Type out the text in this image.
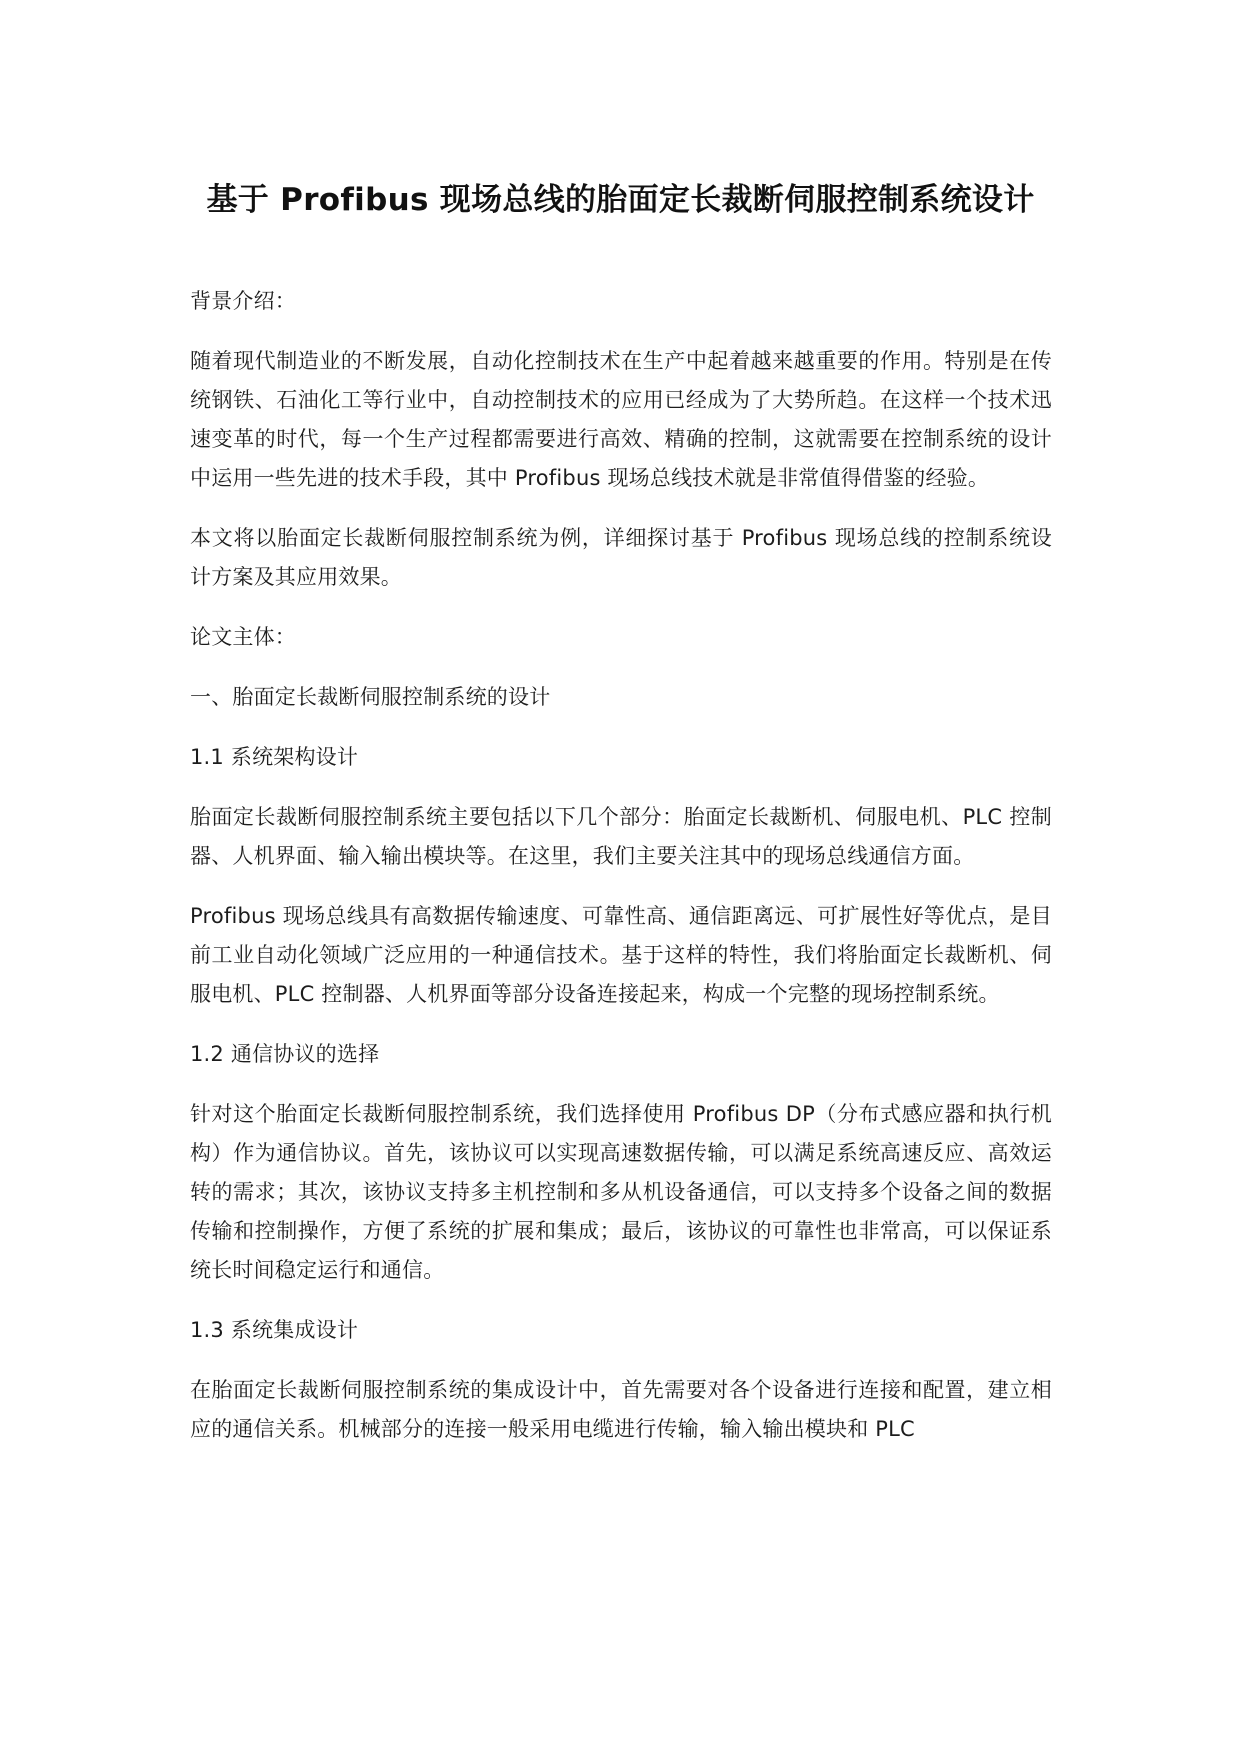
基于 Profibus 现场总线的胎面定长裁断伺服控制系统设计

背景介绍：

随着现代制造业的不断发展，自动化控制技术在生产中起着越来越重要的作用。特别是在传统钢铁、石油化工等行业中，自动控制技术的应用已经成为了大势所趋。在这样一个技术迅速变革的时代，每一个生产过程都需要进行高效、精确的控制，这就需要在控制系统的设计中运用一些先进的技术手段，其中 Profibus 现场总线技术就是非常值得借鉴的经验。

本文将以胎面定长裁断伺服控制系统为例，详细探讨基于 Profibus 现场总线的控制系统设计方案及其应用效果。

论文主体：

一、胎面定长裁断伺服控制系统的设计

1.1 系统架构设计

胎面定长裁断伺服控制系统主要包括以下几个部分：胎面定长裁断机、伺服电机、PLC 控制器、人机界面、输入输出模块等。在这里，我们主要关注其中的现场总线通信方面。

Profibus 现场总线具有高数据传输速度、可靠性高、通信距离远、可扩展性好等优点，是目前工业自动化领域广泛应用的一种通信技术。基于这样的特性，我们将胎面定长裁断机、伺服电机、PLC 控制器、人机界面等部分设备连接起来，构成一个完整的现场控制系统。

1.2 通信协议的选择

针对这个胎面定长裁断伺服控制系统，我们选择使用 Profibus DP（分布式感应器和执行机构）作为通信协议。首先，该协议可以实现高速数据传输，可以满足系统高速反应、高效运转的需求；其次，该协议支持多主机控制和多从机设备通信，可以支持多个设备之间的数据传输和控制操作，方便了系统的扩展和集成；最后，该协议的可靠性也非常高，可以保证系统长时间稳定运行和通信。

1.3 系统集成设计

在胎面定长裁断伺服控制系统的集成设计中，首先需要对各个设备进行连接和配置，建立相应的通信关系。机械部分的连接一般采用电缆进行传输，输入输出模块和 PLC
